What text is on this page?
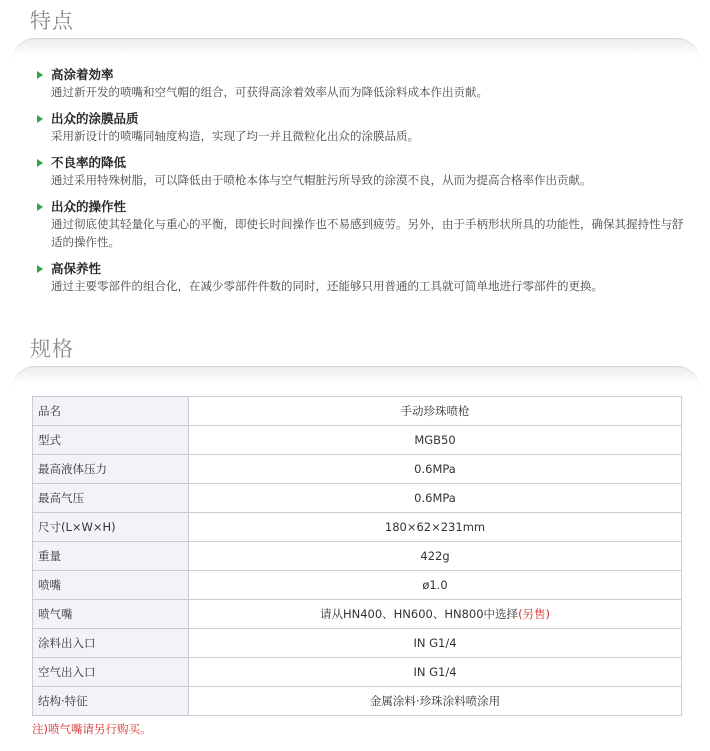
特点
高涂着効率
通过新开发的喷嘴和空气帽的组合，可获得高涂着效率从而为降低涂料成本作出贡献。
出众的涂膜品质
采用新设计的喷嘴同轴度构造，实现了均一并且微粒化出众的涂膜品质。
不良率的降低
通过采用特殊树脂，可以降低由于喷枪本体与空气帽脏污所导致的涂漠不良，从而为提高合格率作出贡献。
出众的操作性
通过彻底使其轻量化与重心的平衡，即使长时间操作也不易感到疲劳。另外，由于手柄形状所具的功能性，确保其握持性与舒适的操作性。
高保养性
通过主要零部件的组合化，在减少零部件件数的同时，还能够只用普通的工具就可简单地进行零部件的更换。
规格
品名	手动珍珠喷枪
型式	MGB50
最高液体压力	0.6MPa
最高气压	0.6MPa
尺寸(L×W×H)	180×62×231mm
重量	422g
喷嘴	ø1.0
喷气嘴	请从HN400、HN600、HN800中选择(另售)
涂料出入口	IN G1/4
空气出入口	IN G1/4
结构·特征	金属涂料·珍珠涂料喷涂用
注)喷气嘴请另行购买。
